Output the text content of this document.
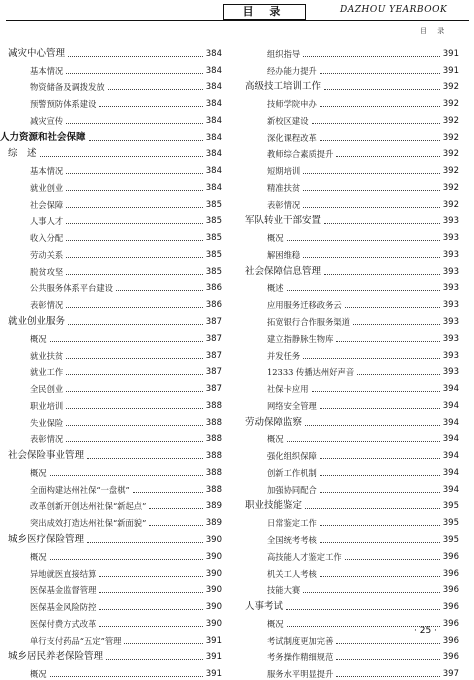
目 录	DAZHOU YEARBOOK
目 录
减灾中心管理	384
基本情况	384
物资储备及调拨发放	384
预警预防体系建设	384
减灾宣传	384
人力资源和社会保障	384
综　述	384
基本情况	384
就业创业	384
社会保障	385
人事人才	385
收入分配	385
劳动关系	385
脱贫攻坚	385
公共服务体系平台建设	386
表彰情况	386
就业创业服务	387
概况	387
就业扶贫	387
就业工作	387
全民创业	387
职业培训	388
失业保险	388
表彰情况	388
社会保险事业管理	388
概况	388
全面构建达州社保“一盘棋”	388
改革创新开创达州社保“新起点”	389
突出成效打造达州社保“新面貌”	389
城乡医疗保险管理	390
概况	390
异地就医直接结算	390
医保基金监督管理	390
医保基金风险防控	390
医保付费方式改革	390
单行支付药品“五定”管理	391
城乡居民养老保险管理	391
概况	391
组织指导	391
经办能力提升	391
高级技工培训工作	392
技师学院申办	392
新校区建设	392
深化课程改革	392
教师综合素质提升	392
短期培训	392
精准扶贫	392
表彰情况	392
军队转业干部安置	393
概况	393
解困维稳	393
社会保障信息管理	393
概述	393
应用服务迁移政务云	393
拓宽银行合作服务渠道	393
建立指静脉生物库	393
并发任务	393
12333 传播达州好声音	393
社保卡应用	394
网络安全管理	394
劳动保障监察	394
概况	394
强化组织保障	394
创新工作机制	394
加强协同配合	394
职业技能鉴定	395
日常鉴定工作	395
全国统考考核	395
高技能人才鉴定工作	396
机关工人考核	396
技能大赛	396
人事考试	396
概况	396
考试制度更加完善	396
考务操作精细规范	396
服务水平明显提升	397
· 25 ·
